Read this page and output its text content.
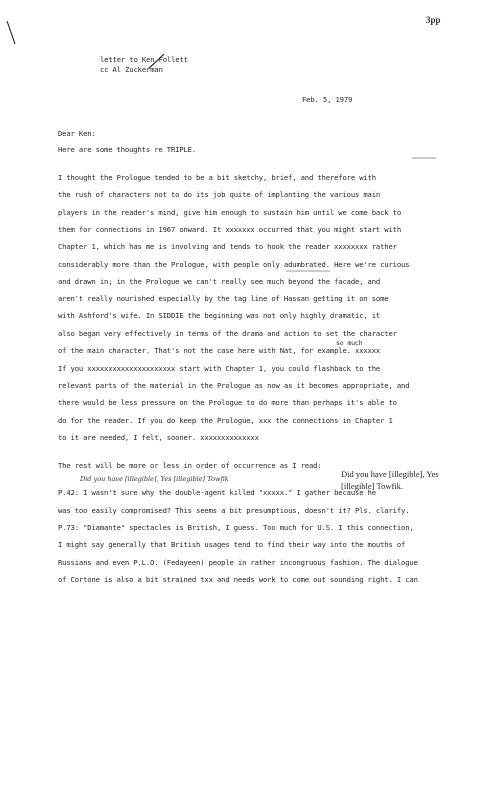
3pp
letter to Ken Follett
cc Al Zuckerman
Feb. 5, 1979
Dear Ken:
Here are some thoughts re TRIPLE.
I thought the Prologue tended to be a bit sketchy, brief, and therefore with
the rush of characters not to do its job quite of implanting the various main
players in the reader's mind, give him enough to sustain him until we come back to
them for connections in 1967 onward. It xxxxxxx occurred that you might start with
Chapter 1, which has me is involving and tends to hook the reader xxxxxxxx rather
considerably more than the Prologue, with people only adumbrated. Here we're curious
and drawn in; in the Prologue we can't really see much beyond the facade, and
aren't really nourished especially by the tag line of Hassan getting it on some
with Ashford's wife. In SIDDIE the beginning was not only highly dramatic, it
also began very effectively in terms of the drama and action to set the character
so much
of the main character. That's not the case here with Nat, for example. xxxxxx
If you xxxxxxxxxxxxxxxxxxxxx start with Chapter 1, you could flashback to the
relevant parts of the material in the Prologue as now as it becomes appropriate, and
there would be less pressure on the Prologue to do more than perhaps it's able to
do for the reader. If you do keep the Prologue, xxx the connections in Chapter 1
to it are needed, I felt, sooner. xxxxxxxxxxxxxx
The rest will be more or less in order of occurrence as I read:
Did you have [illegible], Yes [illegible] Towfik
P.42: I wasn't sure why the double-agent killed "xxxxx." I gather because he
was too easily compromised? This seems a bit presumptious, doesn't it? Pls. clarify.
P.73: "Diamante" spectacles is British, I guess. Too much for U.S. I this connection,
I might say generally that British usages tend to find their way into the mouths of
Russians and even P.L.O. (Fedayeen) people in rather incongruous fashion. The dialogue
of Cortone is also a bit strained txx and needs work to come out sounding right. I can
Did you have [illegible], Yes
[illegible] Towfik.
